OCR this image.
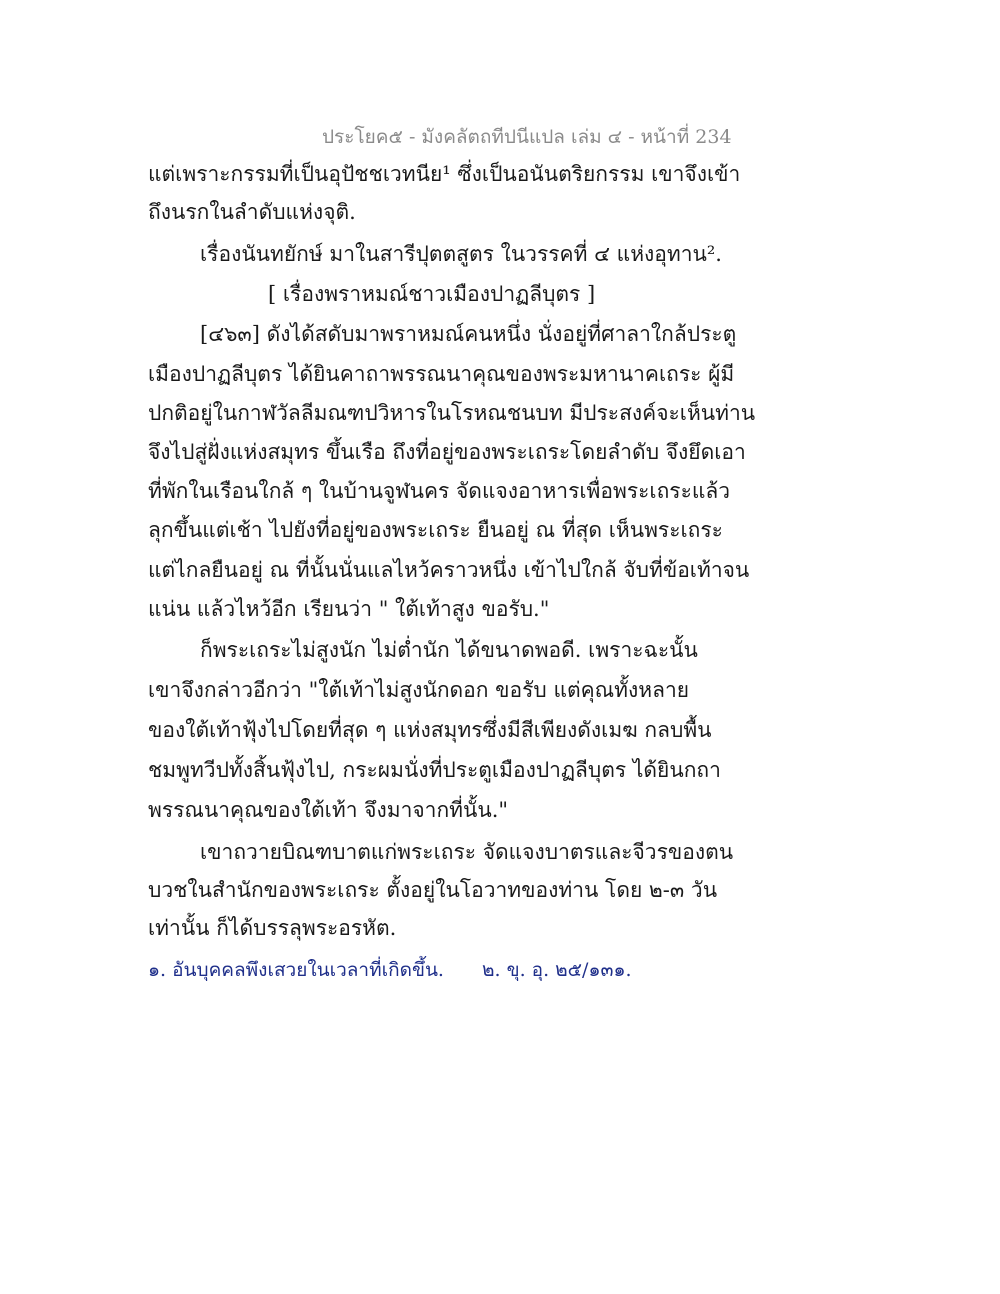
ประโยค๕ - มังคลัตถทีปนีแปล เล่ม ๔ - หน้าที่ 234
แต่เพราะกรรมที่เป็นอุปัชชเวทนีย¹ ซึ่งเป็นอนันตริยกรรม เขาจึงเข้า
ถึงนรกในลำดับแห่งจุติ.
เรื่องนันทยักษ์ มาในสารีปุตตสูตร ในวรรคที่ ๔ แห่งอุทาน².
[ เรื่องพราหมณ์ชาวเมืองปาฏลีบุตร ]
[๔๖๓] ดังได้สดับมาพราหมณ์คนหนึ่ง นั่งอยู่ที่ศาลาใกล้ประตู
เมืองปาฏลีบุตร ได้ยินคาถาพรรณนาคุณของพระมหานาคเถระ ผู้มี
ปกติอยู่ในกาฬวัลลีมณฑปวิหารในโรหณชนบท มีประสงค์จะเห็นท่าน
จึงไปสู่ฝั่งแห่งสมุทร ขึ้นเรือ ถึงที่อยู่ของพระเถระโดยลำดับ จึงยึดเอา
ที่พักในเรือนใกล้ ๆ ในบ้านจูฬนคร จัดแจงอาหารเพื่อพระเถระแล้ว
ลุกขึ้นแต่เช้า ไปยังที่อยู่ของพระเถระ ยืนอยู่ ณ ที่สุด เห็นพระเถระ
แต่ไกลยืนอยู่ ณ ที่นั้นนั่นแลไหว้คราวหนึ่ง เข้าไปใกล้ จับที่ข้อเท้าจน
แน่น แล้วไหว้อีก เรียนว่า " ใต้เท้าสูง ขอรับ."
ก็พระเถระไม่สูงนัก ไม่ต่ำนัก ได้ขนาดพอดี. เพราะฉะนั้น
เขาจึงกล่าวอีกว่า "ใต้เท้าไม่สูงนักดอก ขอรับ แต่คุณทั้งหลาย
ของใต้เท้าฟุ้งไปโดยที่สุด ๆ แห่งสมุทรซึ่งมีสีเพียงดังเมฆ กลบพื้น
ชมพูทวีปทั้งสิ้นฟุ้งไป, กระผมนั่งที่ประตูเมืองปาฏลีบุตร ได้ยินกถา
พรรณนาคุณของใต้เท้า จึงมาจากที่นั้น."
เขาถวายบิณฑบาตแก่พระเถระ จัดแจงบาตรและจีวรของตน
บวชในสำนักของพระเถระ ตั้งอยู่ในโอวาทของท่าน โดย ๒-๓ วัน
เท่านั้น ก็ได้บรรลุพระอรหัต.
๑. อันบุคคลพึงเสวยในเวลาที่เกิดขึ้น. ๒. ขุ. อุ. ๒๕/๑๓๑.
